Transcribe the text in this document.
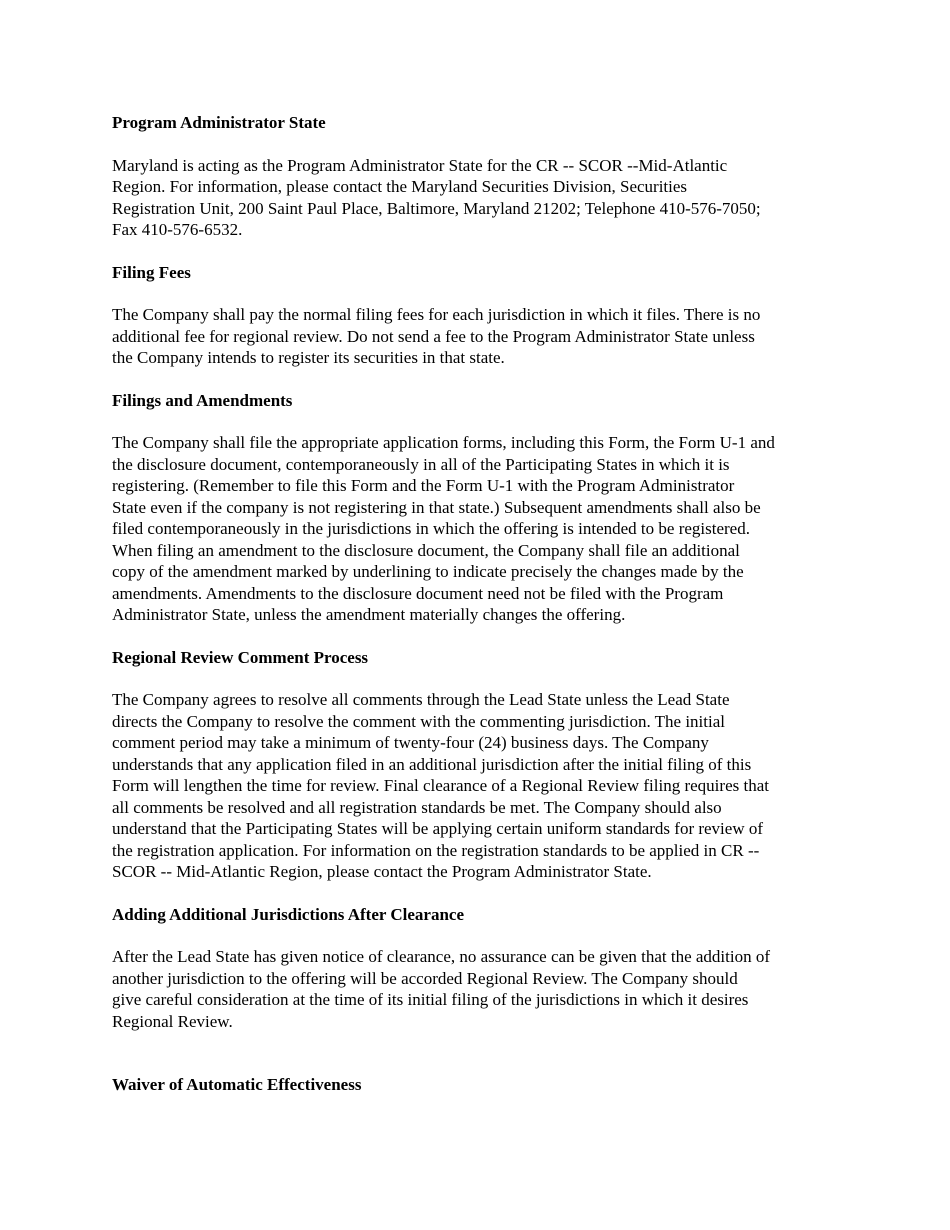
Program Administrator State

Maryland is acting as the Program Administrator State for the CR -- SCOR --Mid-Atlantic
Region. For information, please contact the Maryland Securities Division, Securities
Registration Unit, 200 Saint Paul Place, Baltimore, Maryland 21202; Telephone 410-576-7050;
Fax 410-576-6532.

Filing Fees

The Company shall pay the normal filing fees for each jurisdiction in which it files. There is no
additional fee for regional review. Do not send a fee to the Program Administrator State unless
the Company intends to register its securities in that state.

Filings and Amendments

The Company shall file the appropriate application forms, including this Form, the Form U-1 and
the disclosure document, contemporaneously in all of the Participating States in which it is
registering. (Remember to file this Form and the Form U-1 with the Program Administrator
State even if the company is not registering in that state.) Subsequent amendments shall also be
filed contemporaneously in the jurisdictions in which the offering is intended to be registered.
When filing an amendment to the disclosure document, the Company shall file an additional
copy of the amendment marked by underlining to indicate precisely the changes made by the
amendments. Amendments to the disclosure document need not be filed with the Program
Administrator State, unless the amendment materially changes the offering.

Regional Review Comment Process

The Company agrees to resolve all comments through the Lead State unless the Lead State
directs the Company to resolve the comment with the commenting jurisdiction. The initial
comment period may take a minimum of twenty-four (24) business days. The Company
understands that any application filed in an additional jurisdiction after the initial filing of this
Form will lengthen the time for review. Final clearance of a Regional Review filing requires that
all comments be resolved and all registration standards be met. The Company should also
understand that the Participating States will be applying certain uniform standards for review of
the registration application. For information on the registration standards to be applied in CR --
SCOR -- Mid-Atlantic Region, please contact the Program Administrator State.

Adding Additional Jurisdictions After Clearance

After the Lead State has given notice of clearance, no assurance can be given that the addition of
another jurisdiction to the offering will be accorded Regional Review. The Company should
give careful consideration at the time of its initial filing of the jurisdictions in which it desires
Regional Review.

Waiver of Automatic Effectiveness
